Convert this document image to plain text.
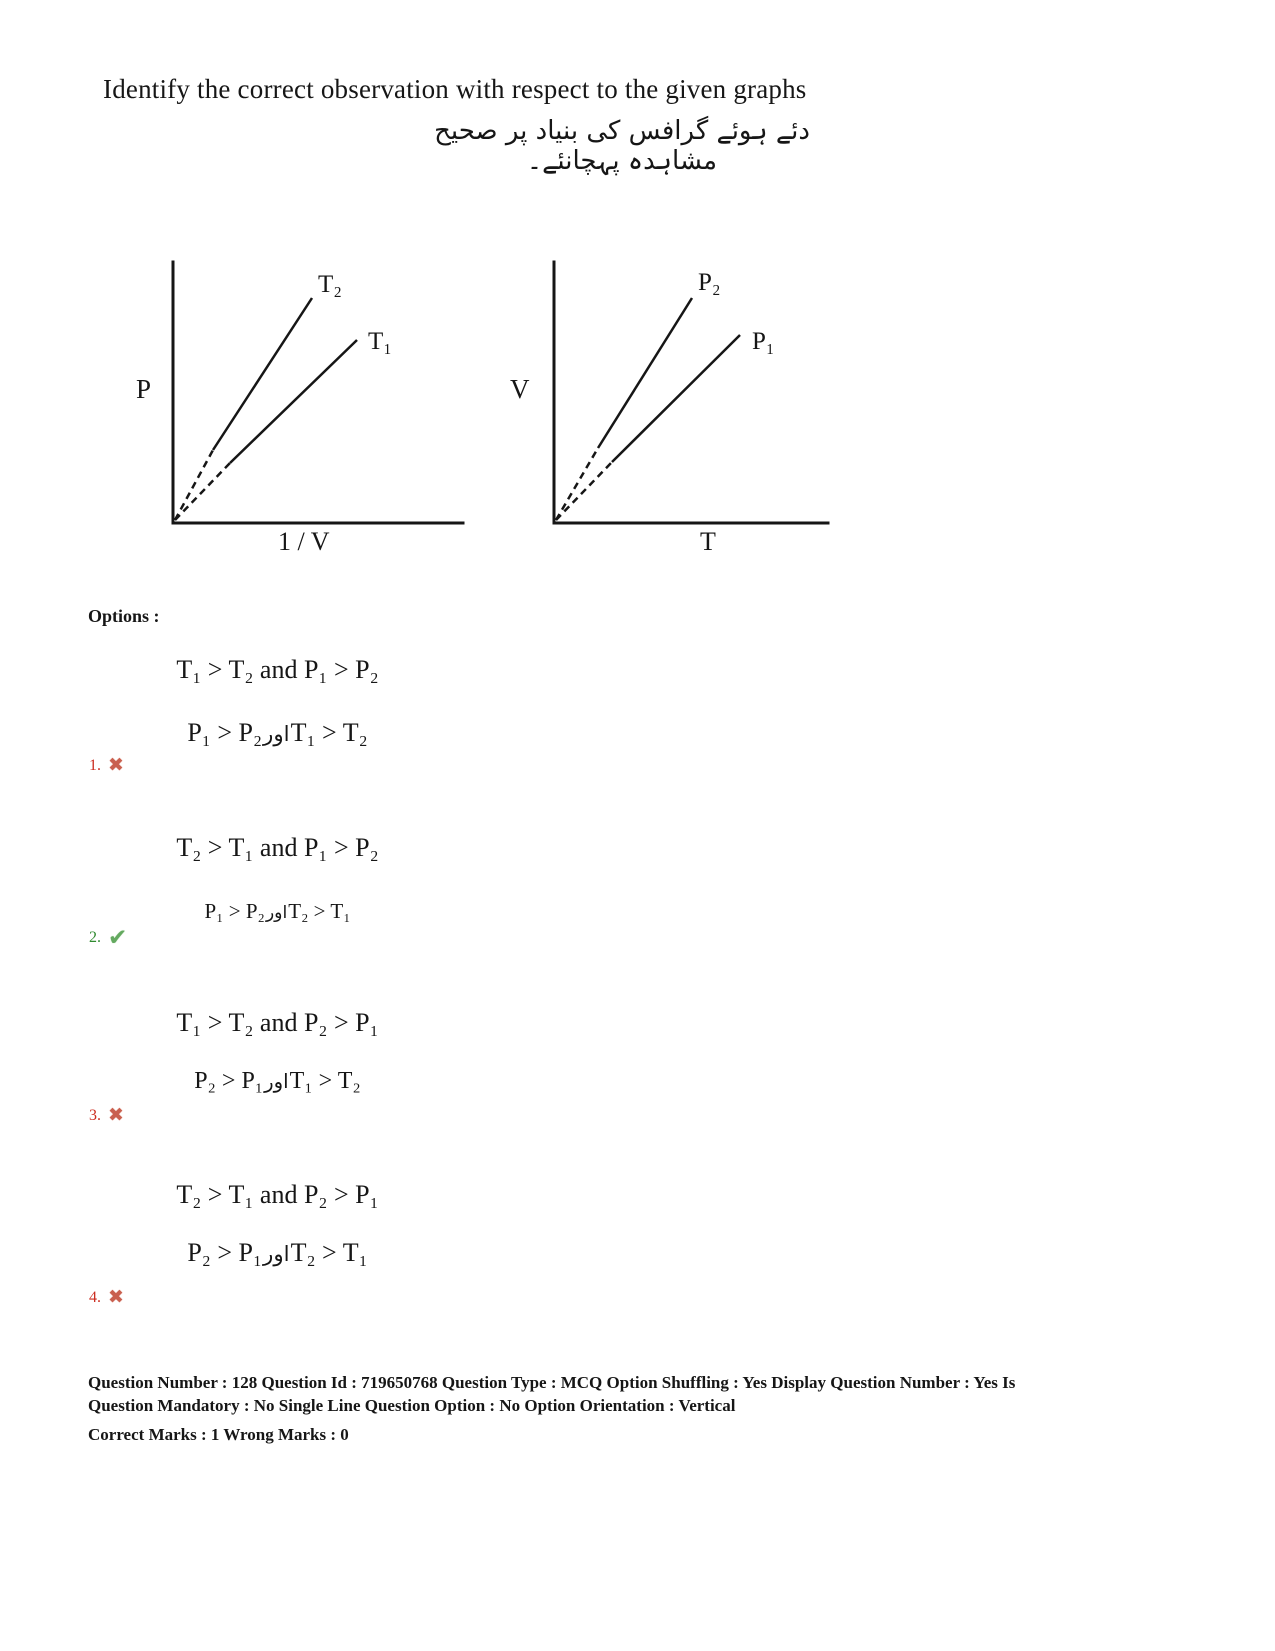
Identify the correct observation with respect to the given graphs
دئے ہوئے گرافس کی بنیاد پر صحیح مشاہدہ پہچانئے۔
T₂
T₁
P
1 / V
P₂
P₁
V
T
Options :
T₁ > T₂ and P₁ > P₂
P₁ > P₂اورT₁ > T₂
1. ✖
T₂ > T₁ and P₁ > P₂
P₁ > P₂اورT₂ > T₁
2. ✔
T₁ > T₂ and P₂ > P₁
P₂ > P₁اورT₁ > T₂
3. ✖
T₂ > T₁ and P₂ > P₁
P₂ > P₁اورT₂ > T₁
4. ✖
Question Number : 128 Question Id : 719650768 Question Type : MCQ Option Shuffling : Yes Display Question Number : Yes Is
Question Mandatory : No Single Line Question Option : No Option Orientation : Vertical
Correct Marks : 1 Wrong Marks : 0
